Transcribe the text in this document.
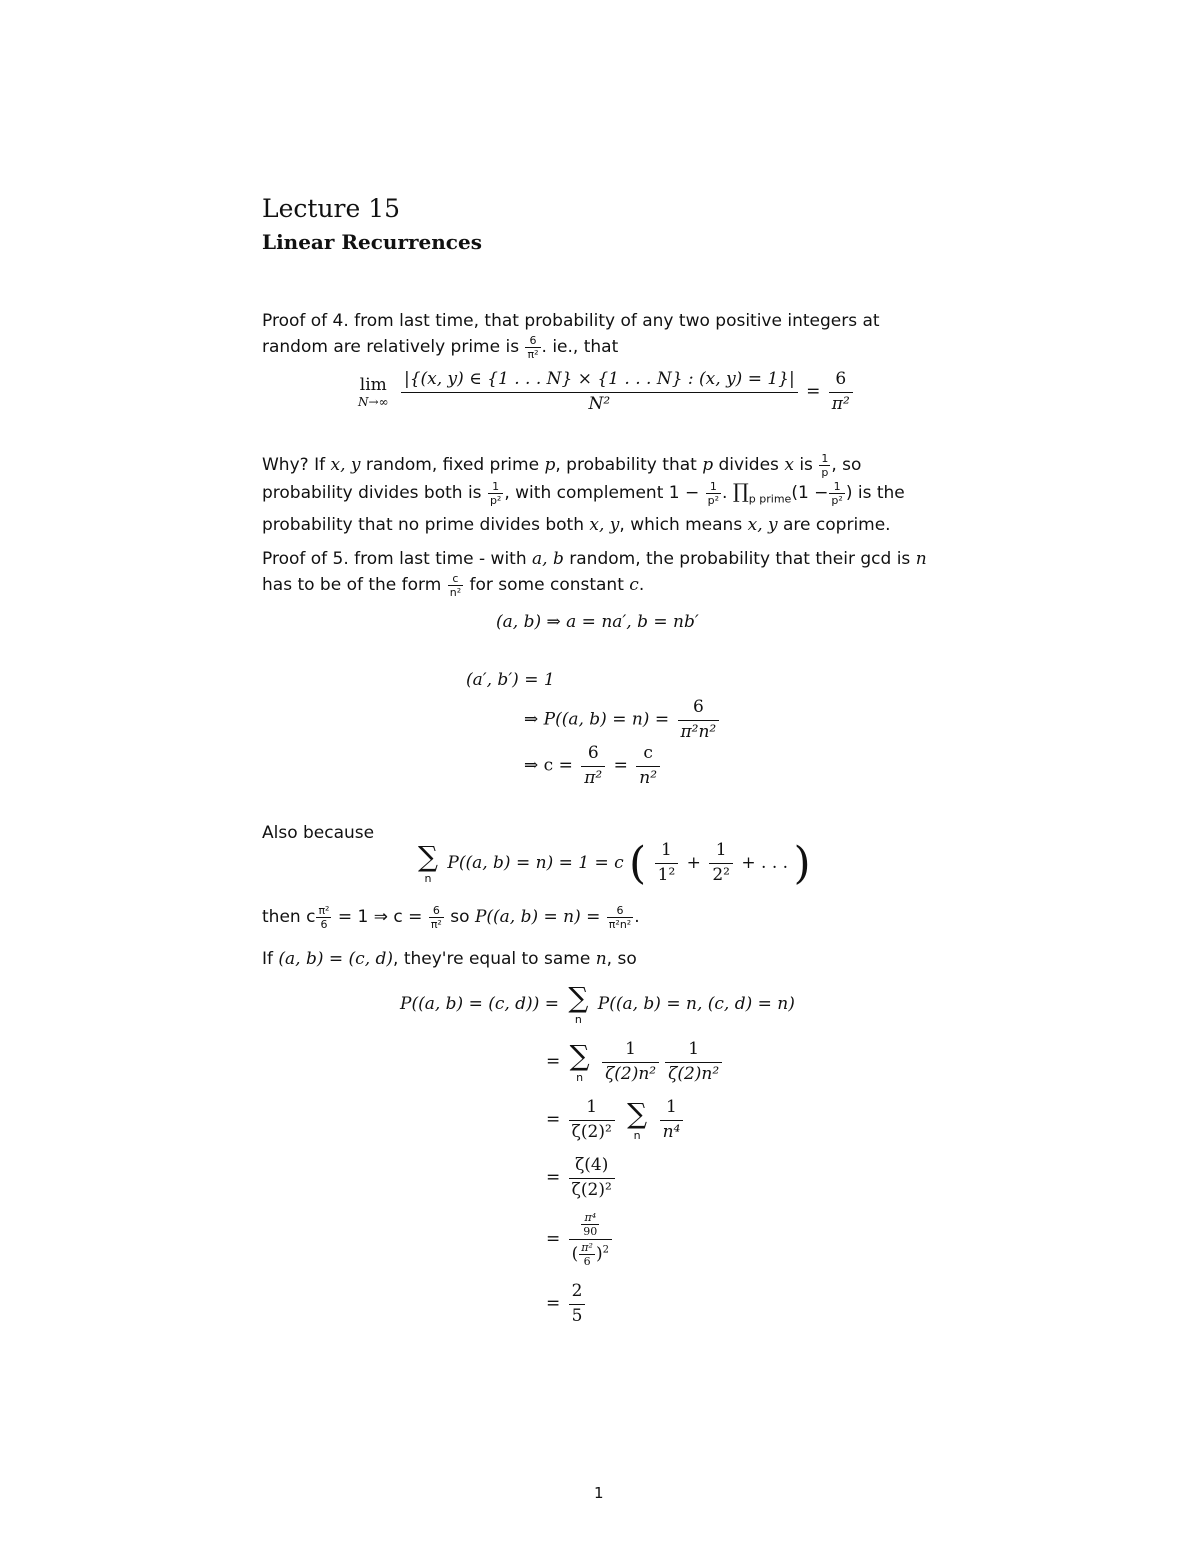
Lecture 15
Linear Recurrences
Proof of 4. from last time, that probability of any two positive integers at random are relatively prime is $\frac{6}{\text{π²}}$ . ie., that
lim
N→∞
$\frac{|\{(x, y) \in \{1 . . . N\} \times \{1 . . . N\} : (x, y) = 1\}|}{\text{N²}} = \frac{6}{\text{π²}}$
Why? If x, y random, fixed prime p, probability that p divides x is $\frac{1}{p}$ , so probability divides both is $\frac{1}{\text{p²}}$ , with complement $1 - \frac{1}{\text{p²}}$ . $\prod_{p prime}(1 - \frac{1}{\text{p²}}$ ) is the probability that no prime divides both x, y, which means x, y are coprime.
Proof of 5. from last time - with a, b random, the probability that their gcd is n has to be of the form $\frac{c}{\text{n²}}$ for some constant c.
(a, b) ⇒ a = na′, b = nb′
(a′, b′) = 1
⇒ P((a, $b) = n) = \frac{6}{\text{π²n²}}$
⇒ $c = \frac{6}{\text{π²}} = \frac{c}{\text{n²}}$
Also because
∑
n
P((a, b) = n) = 1 = c ( $\frac{1}{\text{1²}} + \frac{1}{\text{2²}}$ + . . . )
then c $\frac{\text{π²}}{6} = 1$ ⇒ $c = \frac{6}{\text{π²}}$ so P((a, $b) = n) = \frac{6}{\text{π²n²}}$ .
If (a, b) = (c, d), they're equal to same n, so
P((a, b) = (c, d)) = ∑
n
P((a, b) = n, (c, d) = n)
= ∑
n
	$\frac{1}{\text{ζ(2)n²}} \frac{1}{\text{ζ(2)n²}}$
= $\frac{1}{\text{ζ(2)²}}$
∑
n
	$\frac{1}{\text{n⁴}}$
= $\frac{\zeta(4)}{\text{ζ(2)²}}$
= $\frac{\frac{\text{π⁴}}{90}}{( \frac{\text{π²}}{6} )^2}$
= $\frac{2}{5}$
1
